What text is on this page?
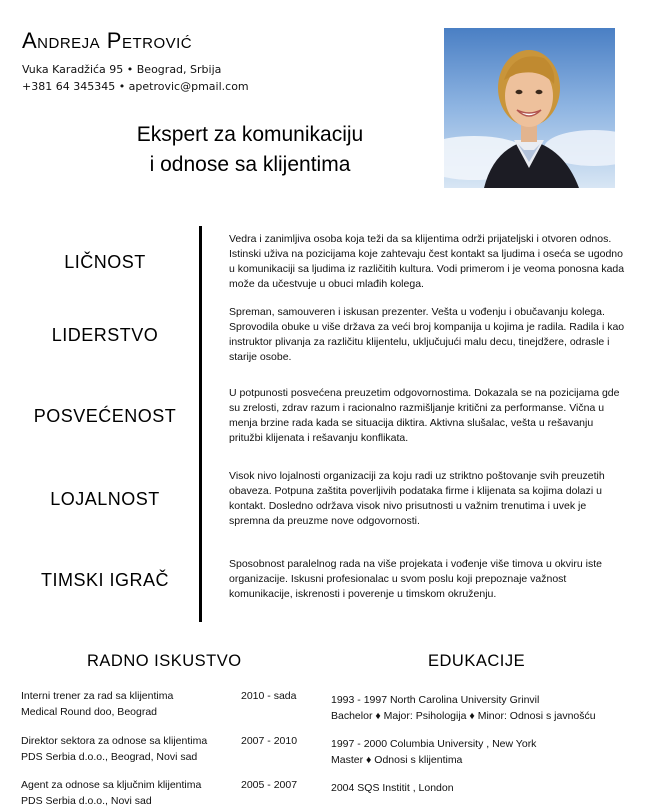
Andreja Petrović
Vuka Karadžića 95 • Beograd, Srbija
+381 64 345345 • apetrovic@pmail.com
Ekspert za komunikaciju
i odnose sa klijentima
LIČNOST
Vedra i zanimljiva osoba koja teži da sa klijentima održi prijateljski i otvoren odnos. Istinski uživa na pozicijama koje zahtevaju čest kontakt sa ljudima i oseća se ugodno u komunikaciji sa ljudima iz različitih kultura. Vodi primerom i je veoma ponosna kada može da učestvuje u obuci mlađih kolega.
LIDERSTVO
Spreman, samouveren i iskusan prezenter. Vešta u vođenju i obučavanju kolega. Sprovodila obuke u više država za veći broj kompanija u kojima je radila. Radila i kao instruktor plivanja za različitu klijentelu, uključujući malu decu, tinejdžere, odrasle i starije osobe.
POSVEĆENOST
U potpunosti posvećena preuzetim odgovornostima. Dokazala se na pozicijama gde su zrelosti, zdrav razum i racionalno razmišljanje kritični za performanse. Vična u menja brzine rada kada se situacija diktira. Aktivna slušalac, vešta u rešavanju pritužbi klijenata i rešavanju konflikata.
LOJALNOST
Visok nivo lojalnosti organizaciji za koju radi uz striktno poštovanje svih preuzetih obaveza. Potpuna zaštita poverljivih podataka firme i klijenata sa kojima dolazi u kontakt. Dosledno održava visok nivo prisutnosti u važnim trenutima i uvek je spremna da preuzme nove odgovornosti.
TIMSKI IGRAČ
Sposobnost paralelnog rada na više projekata i vođenje više timova u okviru iste organizacije. Iskusni profesionalac u svom poslu koji prepoznaje važnost komunikacije, iskrenosti i poverenje u timskom okruženju.
RADNO ISKUSTVO	EDUKACIJE
Interni trener za rad sa klijentima
Medical Round doo, Beograd
2010 - sada
Direktor sektora za odnose sa klijentima
PDS Serbia d.o.o., Beograd, Novi sad
2007 - 2010
Agent za odnose sa ključnim klijentima
PDS Serbia d.o.o., Novi sad
2005 - 2007
1993 - 1997 North Carolina University Grinvil
Bachelor ♦ Major: Psihologija ♦ Minor: Odnosi s javnošću
1997 - 2000 Columbia University , New York
Master ♦ Odnosi s klijentima
2004 SQS Institit , London
